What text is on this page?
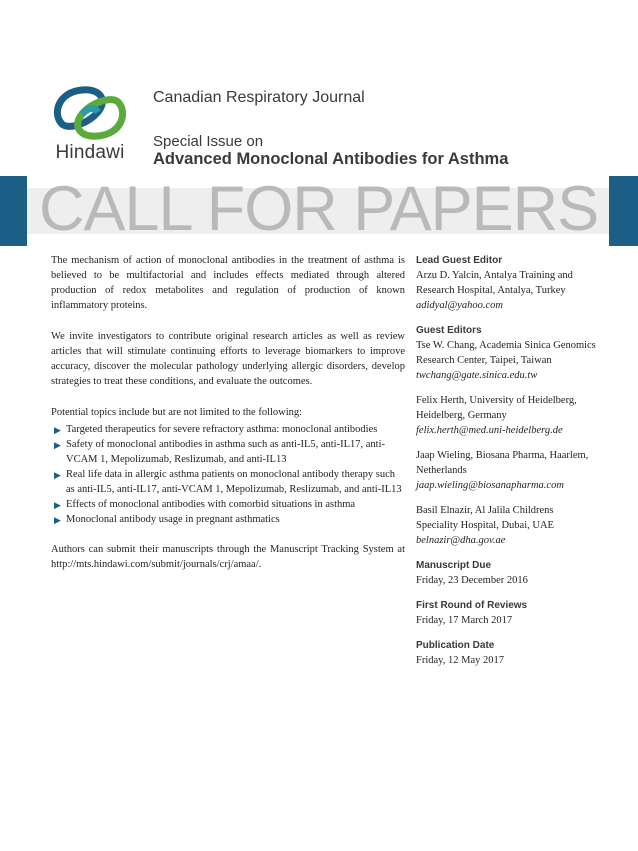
Hindawi
Canadian Respiratory Journal
Special Issue on
Advanced Monoclonal Antibodies for Asthma
CALL FOR PAPERS

The mechanism of action of monoclonal antibodies in the treatment of asthma is believed to be multifactorial and includes effects mediated through altered production of redox metabolites and regulation of production of known inflammatory proteins.

We invite investigators to contribute original research articles as well as review articles that will stimulate continuing efforts to leverage biomarkers to improve accuracy, discover the molecular pathology underlying allergic disorders, develop strategies to treat these conditions, and evaluate the outcomes.

Potential topics include but are not limited to the following:

▶ Targeted therapeutics for severe refractory asthma: monoclonal antibodies
▶ Safety of monoclonal antibodies in asthma such as anti-IL5, anti-IL17, anti-VCAM 1, Mepolizumab, Reslizumab, and anti-IL13
▶ Real life data in allergic asthma patients on monoclonal antibody therapy such as anti-IL5, anti-IL17, anti-VCAM 1, Mepolizumab, Reslizumab, and anti-IL13
▶ Effects of monoclonal antibodies with comorbid situations in asthma
▶ Monoclonal antibody usage in pregnant asthmatics

Authors can submit their manuscripts through the Manuscript Tracking System at http://mts.hindawi.com/submit/journals/crj/amaa/.

Lead Guest Editor
Arzu D. Yalcin, Antalya Training and Research Hospital, Antalya, Turkey
adidyal@yahoo.com
Guest Editors
Tse W. Chang, Academia Sinica Genomics Research Center, Taipei, Taiwan
twchang@gate.sinica.edu.tw
Felix Herth, University of Heidelberg, Heidelberg, Germany
felix.herth@med.uni-heidelberg.de
Jaap Wieling, Biosana Pharma, Haarlem, Netherlands
jaap.wieling@biosanapharma.com
Basil Elnazir, Al Jalila Childrens Speciality Hospital, Dubai, UAE
belnazir@dha.gov.ae
Manuscript Due
Friday, 23 December 2016
First Round of Reviews
Friday, 17 March 2017
Publication Date
Friday, 12 May 2017
